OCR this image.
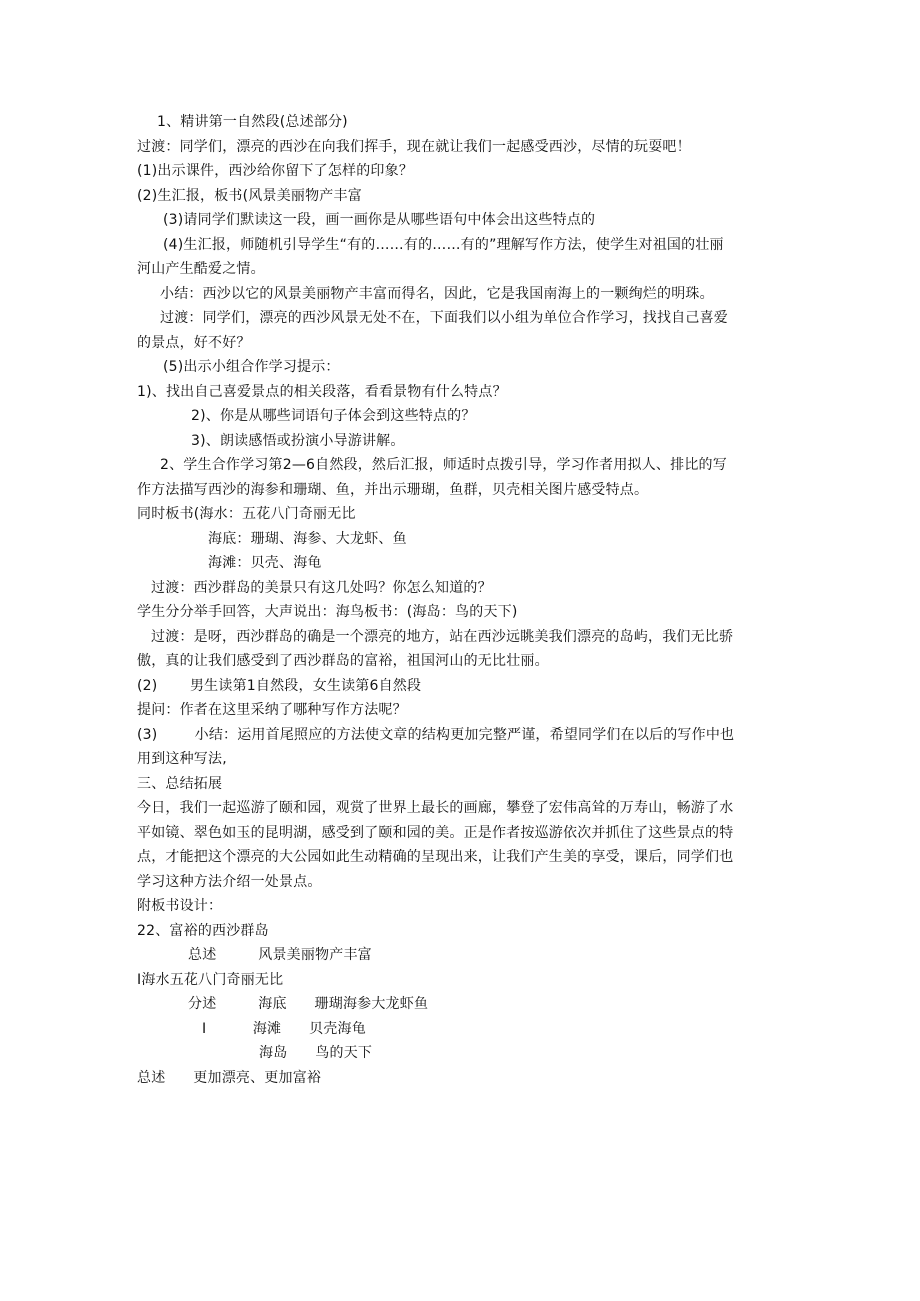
1、精讲第一自然段(总述部分)
过渡：同学们，漂亮的西沙在向我们挥手，现在就让我们一起感受西沙，尽情的玩耍吧！
(1)出示课件，西沙给你留下了怎样的印象？
(2)生汇报，板书(风景美丽物产丰富
(3)请同学们默读这一段，画一画你是从哪些语句中体会出这些特点的
(4)生汇报，师随机引导学生“有的……有的……有的”理解写作方法，使学生对祖国的壮丽
河山产生酷爱之情。
小结：西沙以它的风景美丽物产丰富而得名，因此，它是我国南海上的一颗绚烂的明珠。
过渡：同学们，漂亮的西沙风景无处不在，下面我们以小组为单位合作学习，找找自己喜爱
的景点，好不好？
(5)出示小组合作学习提示：
1)、找出自己喜爱景点的相关段落，看看景物有什么特点？
2)、你是从哪些词语句子体会到这些特点的？
3)、朗读感悟或扮演小导游讲解。
2、学生合作学习第2—6自然段，然后汇报，师适时点拨引导，学习作者用拟人、排比的写
作方法描写西沙的海参和珊瑚、鱼，并出示珊瑚，鱼群，贝壳相关图片感受特点。
同时板书(海水：五花八门奇丽无比
海底：珊瑚、海参、大龙虾、鱼
海滩：贝壳、海龟
过渡：西沙群岛的美景只有这几处吗？你怎么知道的？
学生分分举手回答，大声说出：海鸟板书：(海岛：鸟的天下)
过渡：是呀，西沙群岛的确是一个漂亮的地方，站在西沙远眺美我们漂亮的岛屿，我们无比骄
傲，真的让我们感受到了西沙群岛的富裕，祖国河山的无比壮丽。
(2)       男生读第1自然段，女生读第6自然段
提问：作者在这里采纳了哪种写作方法呢？
(3)        小结：运用首尾照应的方法使文章的结构更加完整严谨，希望同学们在以后的写作中也
用到这种写法,
三、总结拓展
今日，我们一起巡游了颐和园，观赏了世界上最长的画廊，攀登了宏伟高耸的万寿山，畅游了水
平如镜、翠色如玉的昆明湖，感受到了颐和园的美。正是作者按巡游依次并抓住了这些景点的特
点，才能把这个漂亮的大公园如此生动精确的呈现出来，让我们产生美的享受，课后，同学们也
学习这种方法介绍一处景点。
附板书设计：
22、富裕的西沙群岛
总述         风景美丽物产丰富
I海水五花八门奇丽无比
分述         海底      珊瑚海参大龙虾鱼
I          海滩      贝壳海龟
海岛      鸟的天下
总述      更加漂亮、更加富裕
